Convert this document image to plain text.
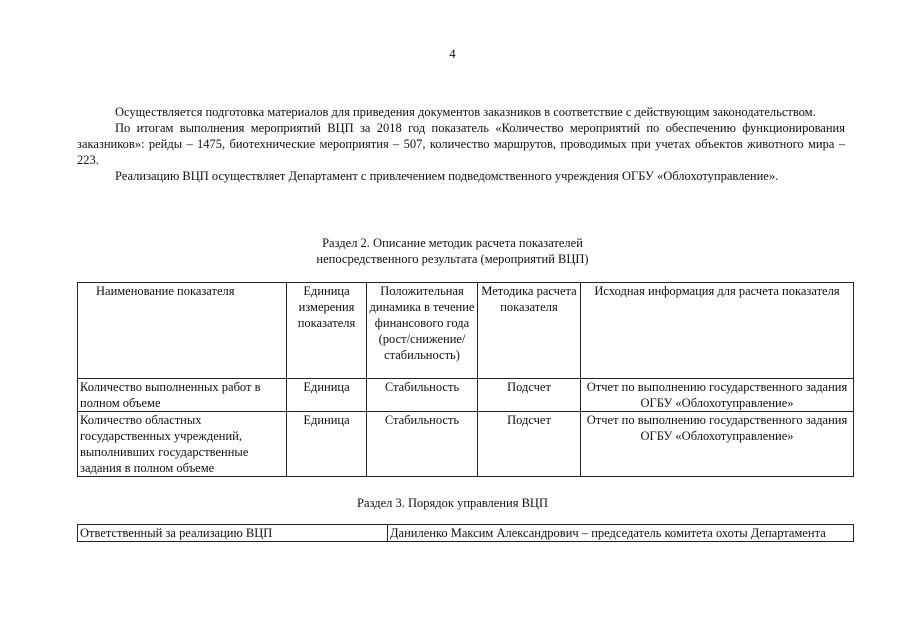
4

Осуществляется подготовка материалов для приведения документов заказников в соответствие с действующим законодательством.

По итогам выполнения мероприятий ВЦП за 2018 год показатель «Количество мероприятий по обеспечению функционирования заказников»: рейды – 1475, биотехнические мероприятия – 507, количество маршрутов, проводимых при учетах объектов животного мира – 223.

Реализацию ВЦП осуществляет Департамент с привлечением подведомственного учреждения ОГБУ «Облохотуправление».

Раздел 2. Описание методик расчета показателей
непосредственного результата (мероприятий ВЦП)
Наименование показателя	Единица измерения показателя	Положительная динамика в течение финансового года (рост/снижение/ стабильность)	Методика расчета показателя	Исходная информация для расчета показателя
Количество выполненных работ в полном объеме	Единица	Стабильность	Подсчет	Отчет по выполнению государственного задания ОГБУ «Облохотуправление»
Количество областных государственных учреждений, выполнивших государственные задания в полном объеме	Единица	Стабильность	Подсчет	Отчет по выполнению государственного задания ОГБУ «Облохотуправление»
Раздел 3. Порядок управления ВЦП
Ответственный за реализацию ВЦП	Даниленко Максим Александрович – председатель комитета охоты Департамента
